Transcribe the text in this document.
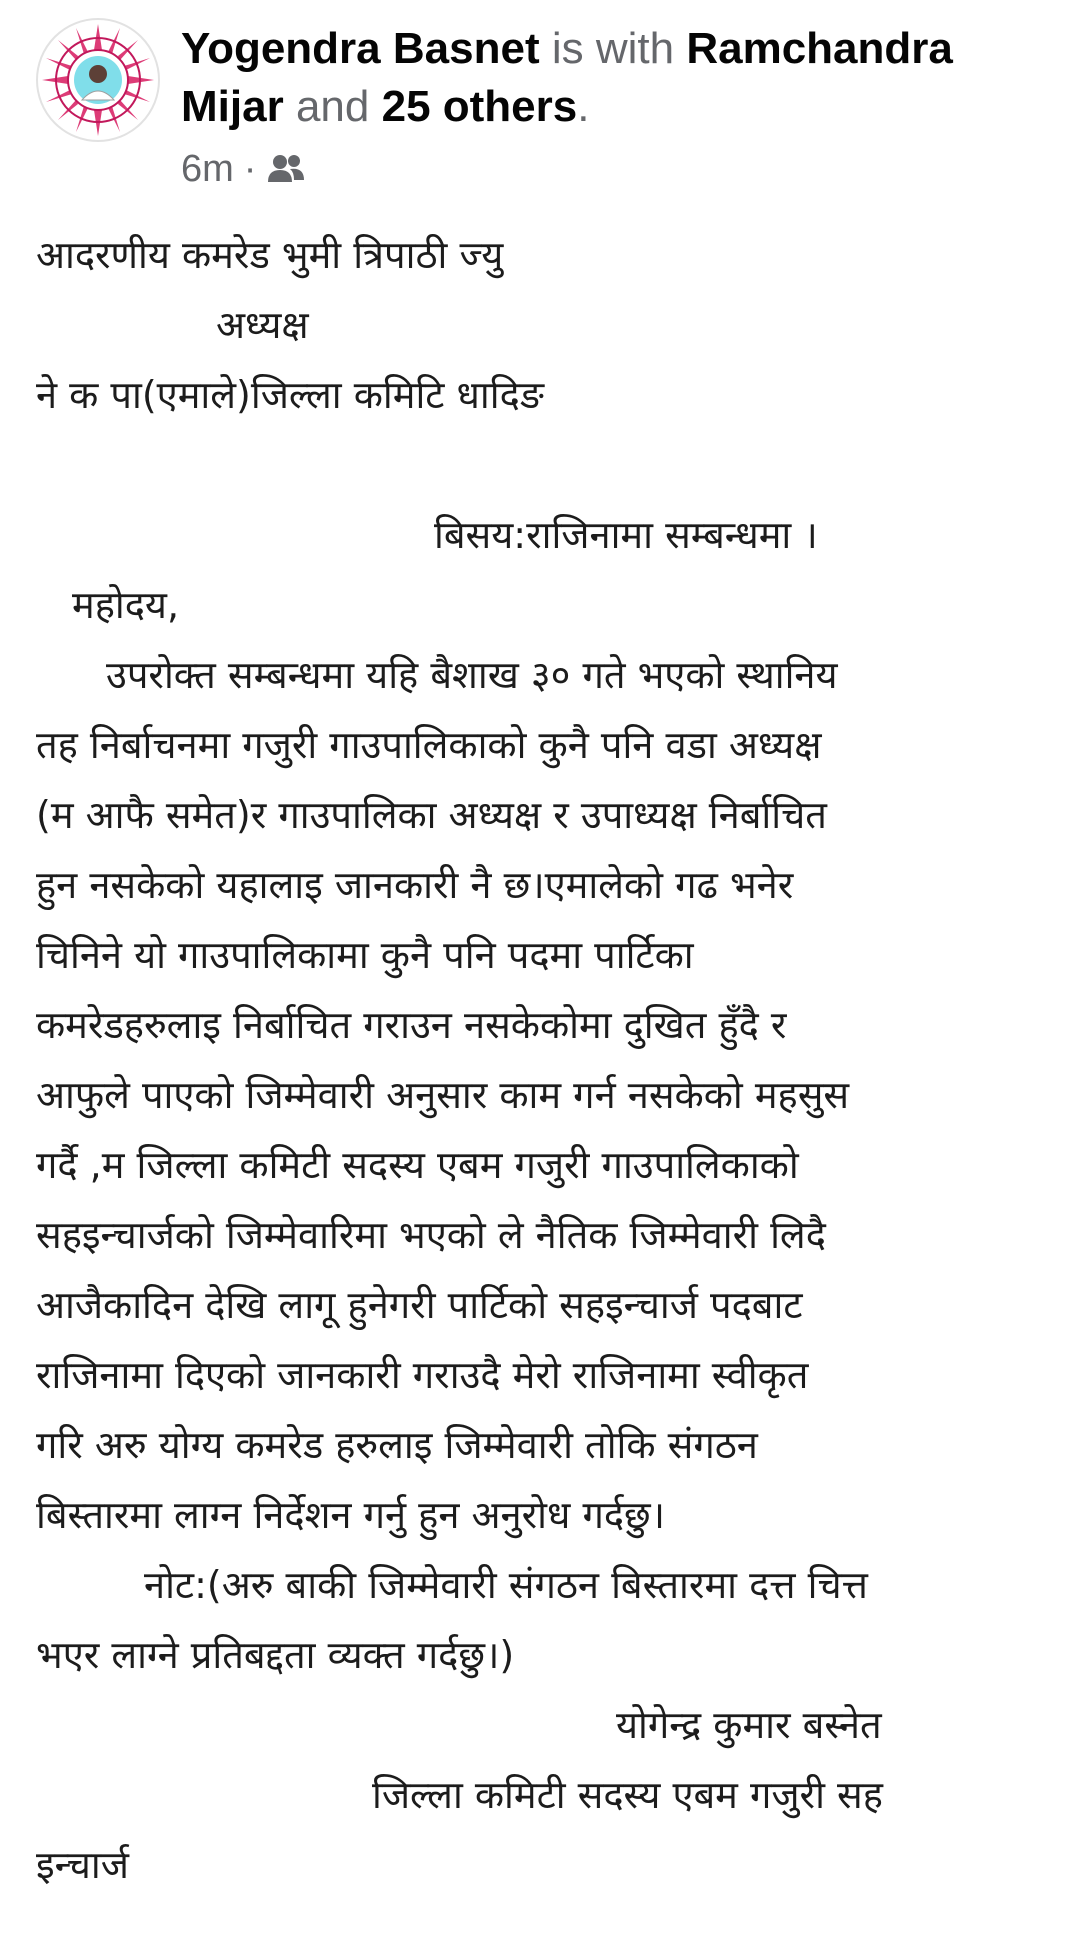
Yogendra Basnet is with Ramchandra Mijar and 25 others.
6m ·
आदरणीय कमरेड भुमी त्रिपाठी ज्यु
अध्यक्ष
ने क पा(एमाले)जिल्ला कमिटि धादिङ
बिसय:राजिनामा सम्बन्धमा ।
महोदय,
उपरोक्त सम्बन्धमा यहि बैशाख ३० गते भएको स्थानिय
तह निर्बाचनमा गजुरी गाउपालिकाको कुनै पनि वडा अध्यक्ष
(म आफै समेत)र गाउपालिका अध्यक्ष र उपाध्यक्ष निर्बाचित
हुन नसकेको यहालाइ जानकारी नै छ।एमालेको गढ भनेर
चिनिने यो गाउपालिकामा कुनै पनि पदमा पार्टिका
कमरेडहरुलाइ निर्बाचित गराउन नसकेकोमा दुखित हुँदै र
आफुले पाएको जिम्मेवारी अनुसार काम गर्न नसकेको महसुस
गर्दै ,म जिल्ला कमिटी सदस्य एबम गजुरी गाउपालिकाको
सहइन्चार्जको जिम्मेवारिमा भएको ले नैतिक जिम्मेवारी लिदै
आजैकादिन देखि लागू हुनेगरी पार्टिको सहइन्चार्ज पदबाट
राजिनामा दिएको जानकारी गराउदै मेरो राजिनामा स्वीकृत
गरि अरु योग्य कमरेड हरुलाइ जिम्मेवारी तोकि संगठन
बिस्तारमा लाग्न निर्देशन गर्नु हुन अनुरोध गर्दछु।
नोट:(अरु बाकी जिम्मेवारी संगठन बिस्तारमा दत्त चित्त
भएर लाग्ने प्रतिबद्दता व्यक्त गर्दछु।)
योगेन्द्र कुमार बस्नेत
जिल्ला कमिटी सदस्य एबम गजुरी सह
इन्चार्ज
